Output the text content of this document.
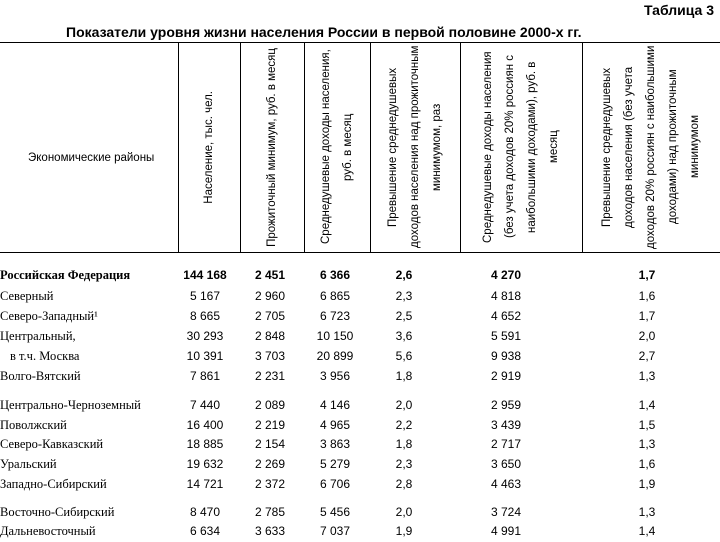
Таблица 3
Показатели уровня жизни населения России в первой половине 2000-х гг.
Экономические районы	Население, тыс. чел.	Прожиточный минимум, руб. в месяц	Среднедушевые доходы населения, руб. в месяц	Превышение среднедушевых доходов населения над прожиточным минимумом, раз	Среднедушевые доходы населения (без учета доходов 20% россиян с наибольшими доходами), руб. в месяц	Превышение среднедушевых доходов населения (без учета доходов 20% россиян с наибольшими доходами) над прожиточным минимумом
Российская Федерация	144 168	2 451	6 366	2,6	4 270	1,7
Северный	5 167	2 960	6 865	2,3	4 818	1,6
Северо-Западный¹	8 665	2 705	6 723	2,5	4 652	1,7
Центральный,	30 293	2 848	10 150	3,6	5 591	2,0
в т.ч. Москва	10 391	3 703	20 899	5,6	9 938	2,7
Волго-Вятский	7 861	2 231	3 956	1,8	2 919	1,3
Центрально-Черноземный	7 440	2 089	4 146	2,0	2 959	1,4
Поволжский	16 400	2 219	4 965	2,2	3 439	1,5
Северо-Кавказский	18 885	2 154	3 863	1,8	2 717	1,3
Уральский	19 632	2 269	5 279	2,3	3 650	1,6
Западно-Сибирский	14 721	2 372	6 706	2,8	4 463	1,9
Восточно-Сибирский	8 470	2 785	5 456	2,0	3 724	1,3
Дальневосточный	6 634	3 633	7 037	1,9	4 991	1,4
